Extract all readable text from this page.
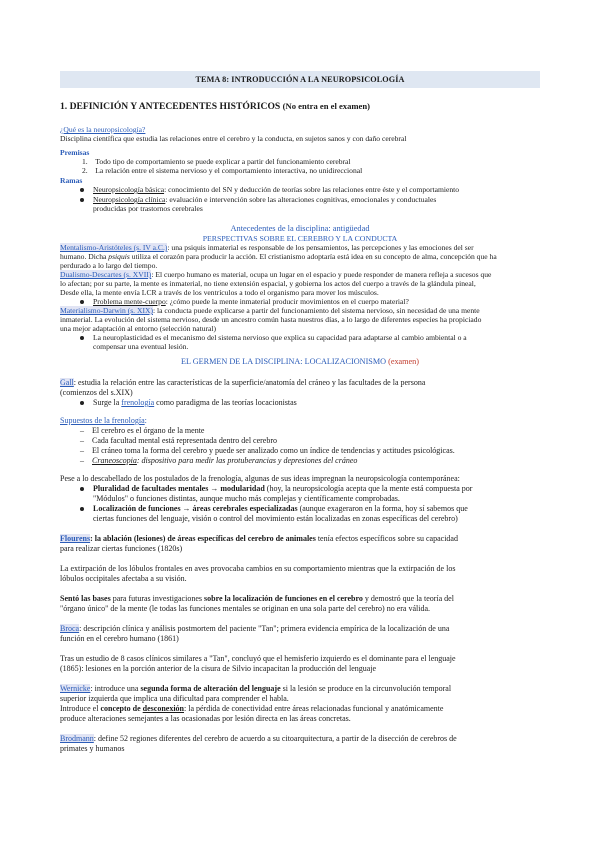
TEMA 8: INTRODUCCIÓN A LA NEUROPSICOLOGÍA
1. DEFINICIÓN Y ANTECEDENTES HISTÓRICOS (No entra en el examen)
¿Qué es la neuropsicología?
Disciplina científica que estudia las relaciones entre el cerebro y la conducta, en sujetos sanos y con daño cerebral
Premisas
1. Todo tipo de comportamiento se puede explicar a partir del funcionamiento cerebral
2. La relación entre el sistema nervioso y el comportamiento interactiva, no unidireccional
Ramas
Neuropsicología básica: conocimiento del SN y deducción de teorías sobre las relaciones entre éste y el comportamiento
Neuropsicología clínica: evaluación e intervención sobre las alteraciones cognitivas, emocionales y conductuales
producidas por trastornos cerebrales
Antecedentes de la disciplina: antigüedad
PERSPECTIVAS SOBRE EL CEREBRO Y LA CONDUCTA
Mentalismo-Aristóteles (s. IV a.C.): una psiquis inmaterial es responsable de los pensamientos, las percepciones y las emociones del ser
humano. Dicha psiquis utiliza el corazón para producir la acción. El cristianismo adoptaría está idea en su concepto de alma, concepción que ha
perdurado a lo largo del tiempo.
Dualismo-Descartes (s. XVII): El cuerpo humano es material, ocupa un lugar en el espacio y puede responder de manera refleja a sucesos que
lo afectan; por su parte, la mente es inmaterial, no tiene extensión espacial, y gobierna los actos del cuerpo a través de la glándula pineal,
Desde ella, la mente envía LCR a través de los ventrículos a todo el organismo para mover los músculos.
Problema mente-cuerpo: ¿cómo puede la mente inmaterial producir movimientos en el cuerpo material?
Materialismo-Darwin (s. XIX): la conducta puede explicarse a partir del funcionamiento del sistema nervioso, sin necesidad de una mente
inmaterial. La evolución del sistema nervioso, desde un ancestro común hasta nuestros días, a lo largo de diferentes especies ha propiciado
una mejor adaptación al entorno (selección natural)
La neuroplasticidad es el mecanismo del sistema nervioso que explica su capacidad para adaptarse al cambio ambiental o a
compensar una eventual lesión.
EL GERMEN DE LA DISCIPLINA: LOCALIZACIONISMO (examen)
Gall: estudia la relación entre las características de la superficie/anatomía del cráneo y las facultades de la persona
(comienzos del s.XIX)
Surge la frenología como paradigma de las teorías locacionistas
Supuestos de la frenología:
–    El cerebro es el órgano de la mente
–    Cada facultad mental está representada dentro del cerebro
–    El cráneo toma la forma del cerebro y puede ser analizado como un índice de tendencias y actitudes psicológicas.
–    Craneoscopia: dispositivo para medir las protuberancias y depresiones del cráneo
Pese a lo descabellado de los postulados de la frenología, algunas de sus ideas impregnan la neuropsicología contemporánea:
Pluralidad de facultades mentales → modularidad (hoy, la neuropsicología acepta que la mente está compuesta por
"Módulos" o funciones distintas, aunque mucho más complejas y científicamente comprobadas.
Localización de funciones → áreas cerebrales especializadas (aunque exageraron en la forma, hoy sí sabemos que
ciertas funciones del lenguaje, visión o control del movimiento están localizadas en zonas específicas del cerebro)
Flourens: la ablación (lesiones) de áreas específicas del cerebro de animales tenía efectos específicos sobre su capacidad
para realizar ciertas funciones (1820s)
La extirpación de los lóbulos frontales en aves provocaba cambios en su comportamiento mientras que la extirpación de los
lóbulos occipitales afectaba a su visión.
Sentó las bases para futuras investigaciones sobre la localización de funciones en el cerebro y demostró que la teoría del
"órgano único" de la mente (le todas las funciones mentales se originan en una sola parte del cerebro) no era válida.
Broca: descripción clínica y análisis postmortem del paciente "Tan"; primera evidencia empírica de la localización de una
función en el cerebro humano (1861)
Tras un estudio de 8 casos clínicos similares a "Tan", concluyó que el hemisferio izquierdo es el dominante para el lenguaje
(1865): lesiones en la porción anterior de la cisura de Silvio incapacitan la producción del lenguaje
Wernicke: introduce una segunda forma de alteración del lenguaje si la lesión se produce en la circunvolución temporal
superior izquierda que implica una dificultad para comprender el habla.
Introduce el concepto de desconexión: la pérdida de conectividad entre áreas relacionadas funcional y anatómicamente
produce alteraciones semejantes a las ocasionadas por lesión directa en las áreas concretas.
Brodmann: define 52 regiones diferentes del cerebro de acuerdo a su citoarquitectura, a partir de la disección de cerebros de
primates y humanos
